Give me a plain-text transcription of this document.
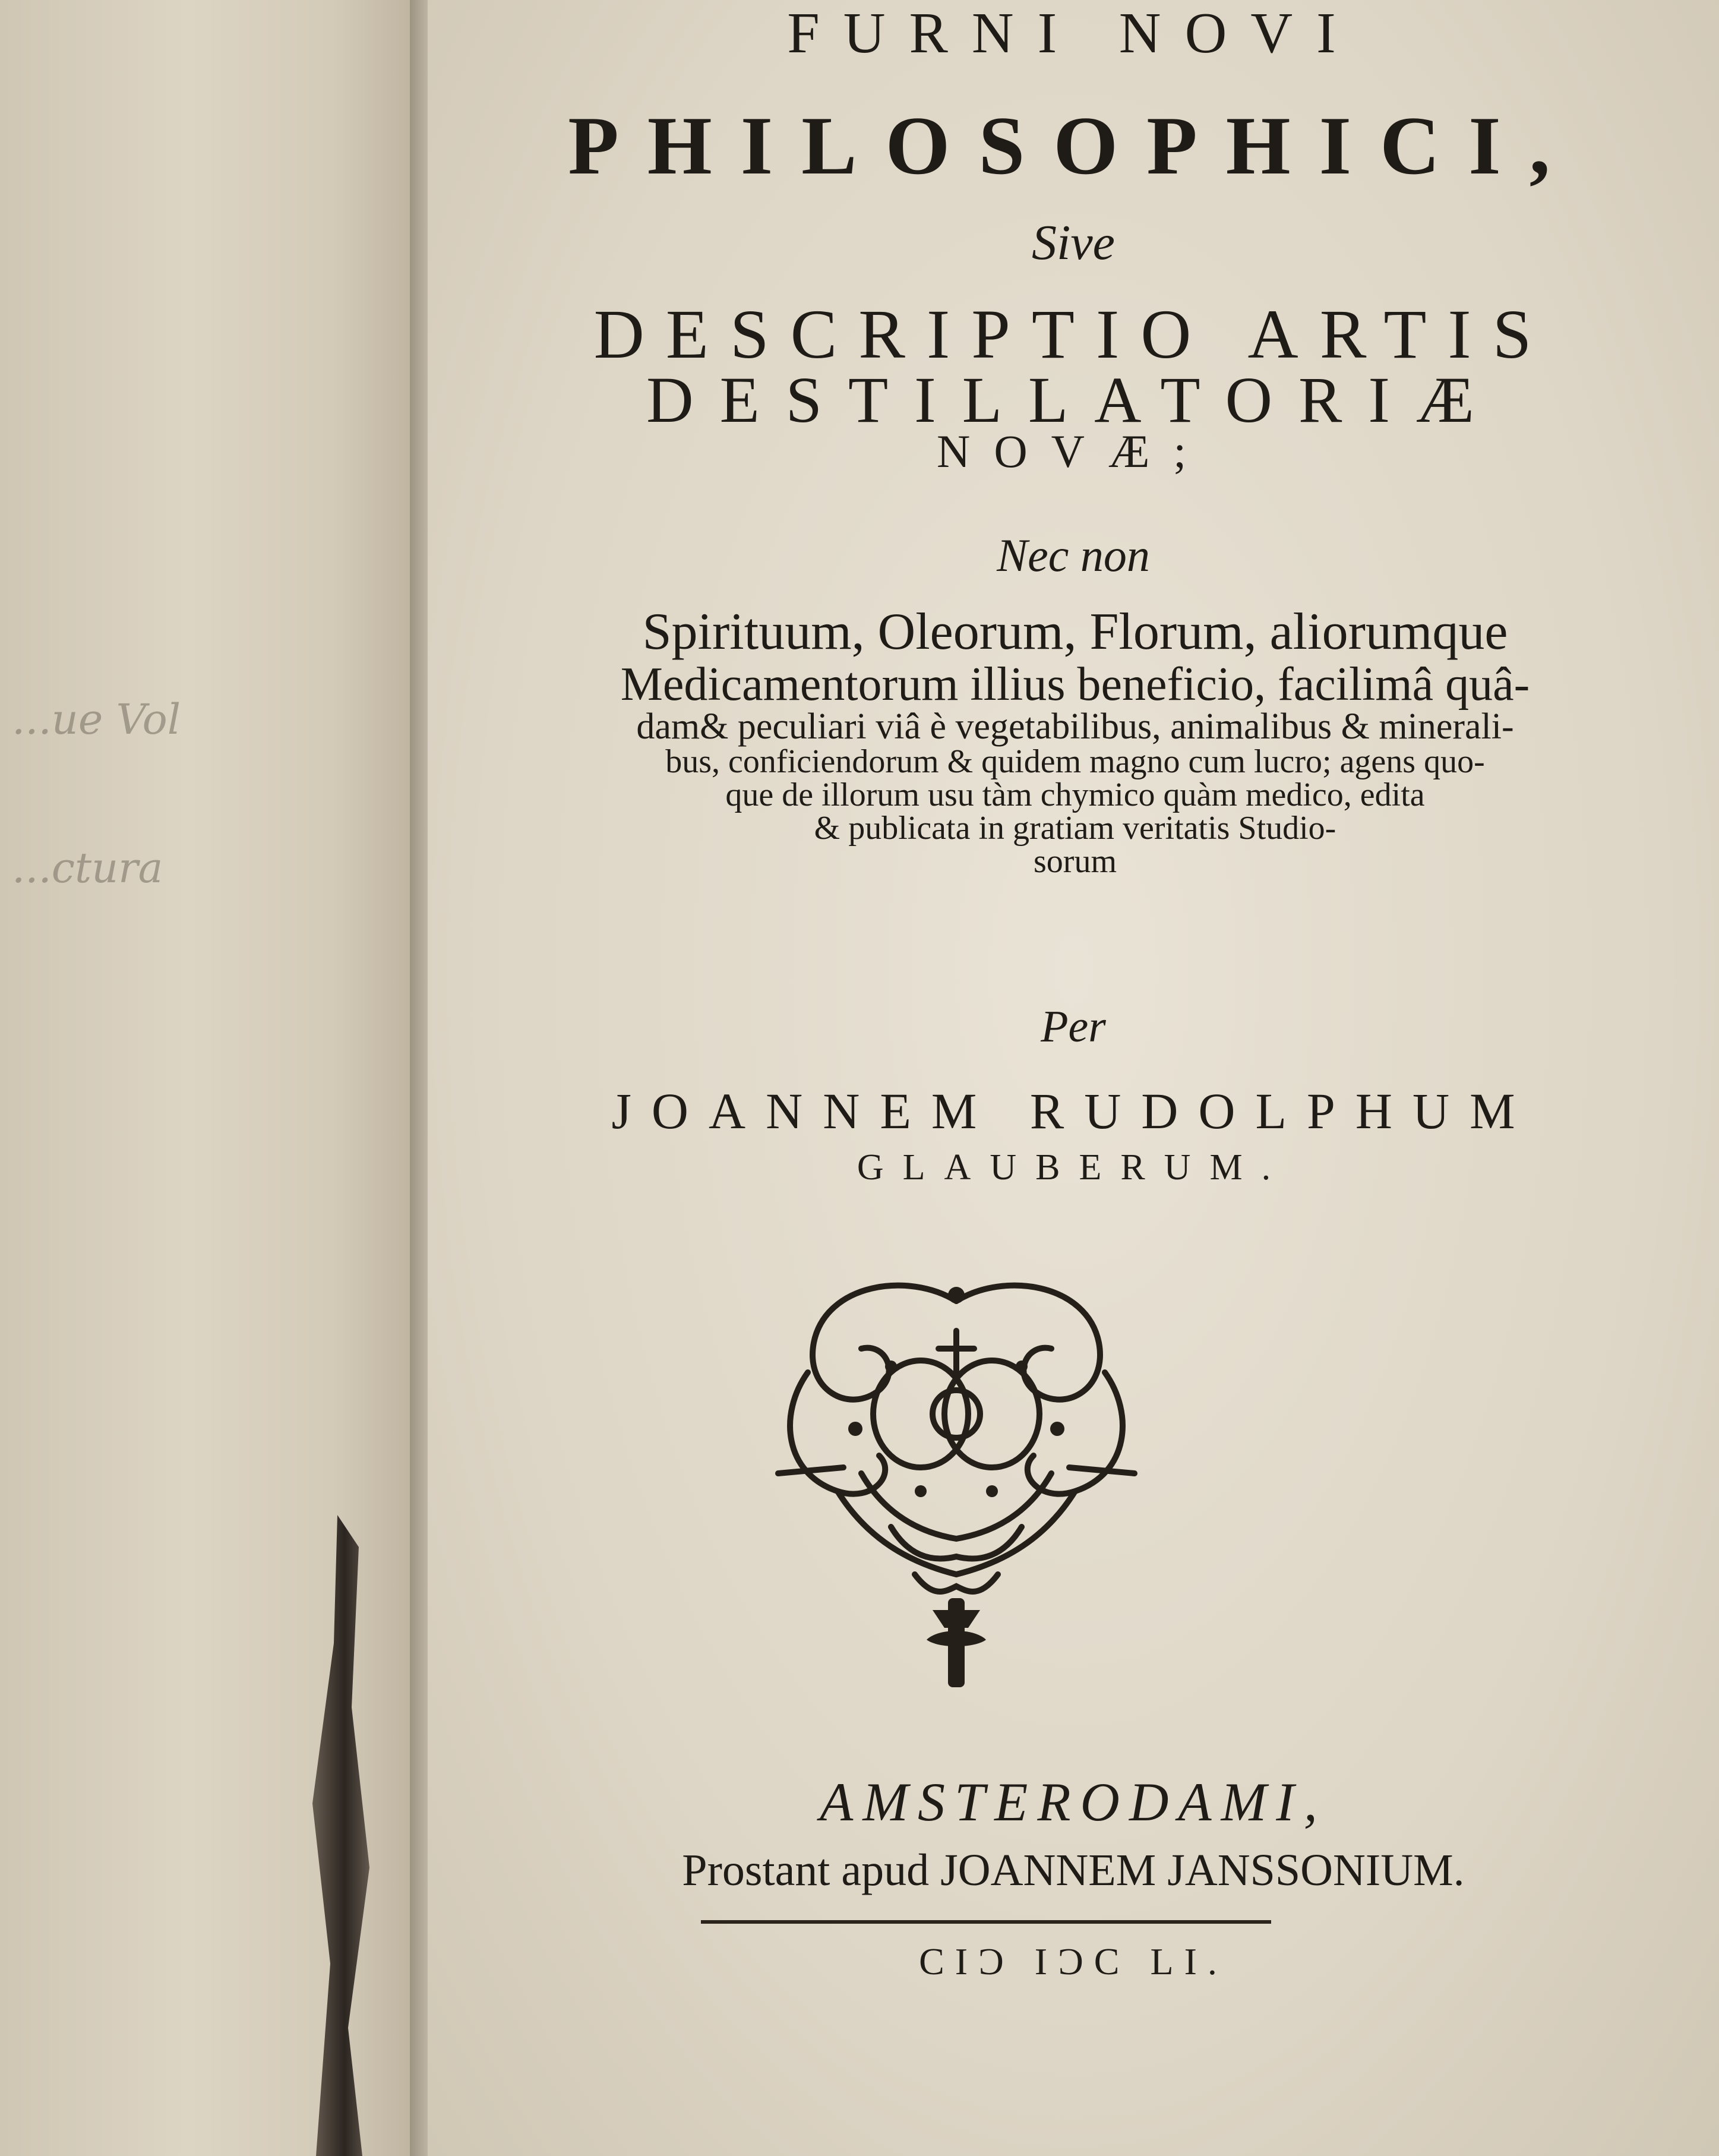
...ue Vol
...ctura
FURNI NOVI
PHILOSOPHICI,
Sive
DESCRIPTIO ARTIS
DESTILLATORIÆ
NOVÆ;
Nec non
Spirituum, Oleorum, Florum, aliorumque
Medicamentorum illius beneficio, facilimâ quâ-
dam& peculiari viâ è vegetabilibus, animalibus & minerali-
bus, conficiendorum & quidem magno cum lucro; agens quo-
que de illorum usu tàm chymico quàm medico, edita
& publicata in gratiam veritatis Studio-
sorum
Per
JOANNEM RUDOLPHUM
GLAUBERUM.
AMSTERODAMI,
Prostant apud JOANNEM JANSSONIUM.
CIƆ IƆC LI.
